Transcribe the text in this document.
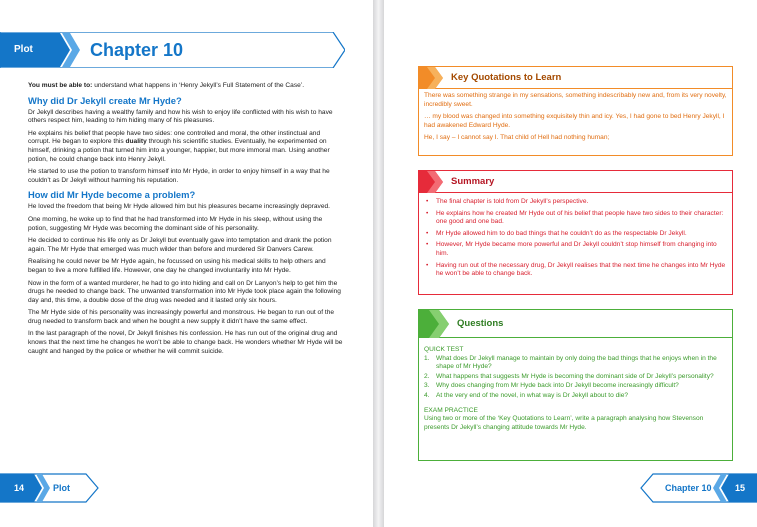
Plot	Chapter 10

You must be able to: understand what happens in ‘Henry Jekyll’s Full Statement of the Case’.

Why did Dr Jekyll create Mr Hyde?

Dr Jekyll describes having a wealthy family and how his wish to enjoy life conflicted with his wish to have others respect him, leading to him hiding many of his pleasures.

He explains his belief that people have two sides: one controlled and moral, the other instinctual and corrupt. He began to explore this duality through his scientific studies. Eventually, he experimented on himself, drinking a potion that turned him into a younger, happier, but more immoral man. Using another potion, he could change back into Henry Jekyll.

He started to use the potion to transform himself into Mr Hyde, in order to enjoy himself in a way that he couldn’t as Dr Jekyll without harming his reputation.

How did Mr Hyde become a problem?

He loved the freedom that being Mr Hyde allowed him but his pleasures became increasingly depraved.

One morning, he woke up to find that he had transformed into Mr Hyde in his sleep, without using the potion, suggesting Mr Hyde was becoming the dominant side of his personality.

He decided to continue his life only as Dr Jekyll but eventually gave into temptation and drank the potion again. The Mr Hyde that emerged was much wilder than before and murdered Sir Danvers Carew.

Realising he could never be Mr Hyde again, he focussed on using his medical skills to help others and began to live a more fulfilled life. However, one day he changed involuntarily into Mr Hyde.

Now in the form of a wanted murderer, he had to go into hiding and call on Dr Lanyon’s help to get him the drugs he needed to change back. The unwanted transformation into Mr Hyde took place again the following day and, this time, a double dose of the drug was needed and it lasted only six hours.

The Mr Hyde side of his personality was increasingly powerful and monstrous. He began to run out of the drug needed to transform back and when he bought a new supply it didn’t have the same effect.

In the last paragraph of the novel, Dr Jekyll finishes his confession. He has run out of the original drug and knows that the next time he changes he won’t be able to change back. He wonders whether Mr Hyde will be caught and hanged by the police or whether he will commit suicide.

14	Plot
Key Quotations to Learn

There was something strange in my sensations, something indescribably new and, from its very novelty, incredibly sweet.

… my blood was changed into something exquisitely thin and icy. Yes, I had gone to bed Henry Jekyll, I had awakened Edward Hyde.

He, I say – I cannot say I. That child of Hell had nothing human;

Summary
• The final chapter is told from Dr Jekyll’s perspective.
• He explains how he created Mr Hyde out of his belief that people have two sides to their character: one good and one bad.
• Mr Hyde allowed him to do bad things that he couldn’t do as the respectable Dr Jekyll.
• However, Mr Hyde became more powerful and Dr Jekyll couldn’t stop himself from changing into him.
• Having run out of the necessary drug, Dr Jekyll realises that the next time he changes into Mr Hyde he won’t be able to change back.
Questions
QUICK TEST
1. What does Dr Jekyll manage to maintain by only doing the bad things that he enjoys when in the shape of Mr Hyde?
2. What happens that suggests Mr Hyde is becoming the dominant side of Dr Jekyll’s personality?
3. Why does changing from Mr Hyde back into Dr Jekyll become increasingly difficult?
4. At the very end of the novel, in what way is Dr Jekyll about to die?
EXAM PRACTICE
Using two or more of the ‘Key Quotations to Learn’, write a paragraph analysing how Stevenson presents Dr Jekyll’s changing attitude towards Mr Hyde.
Chapter 10	15
